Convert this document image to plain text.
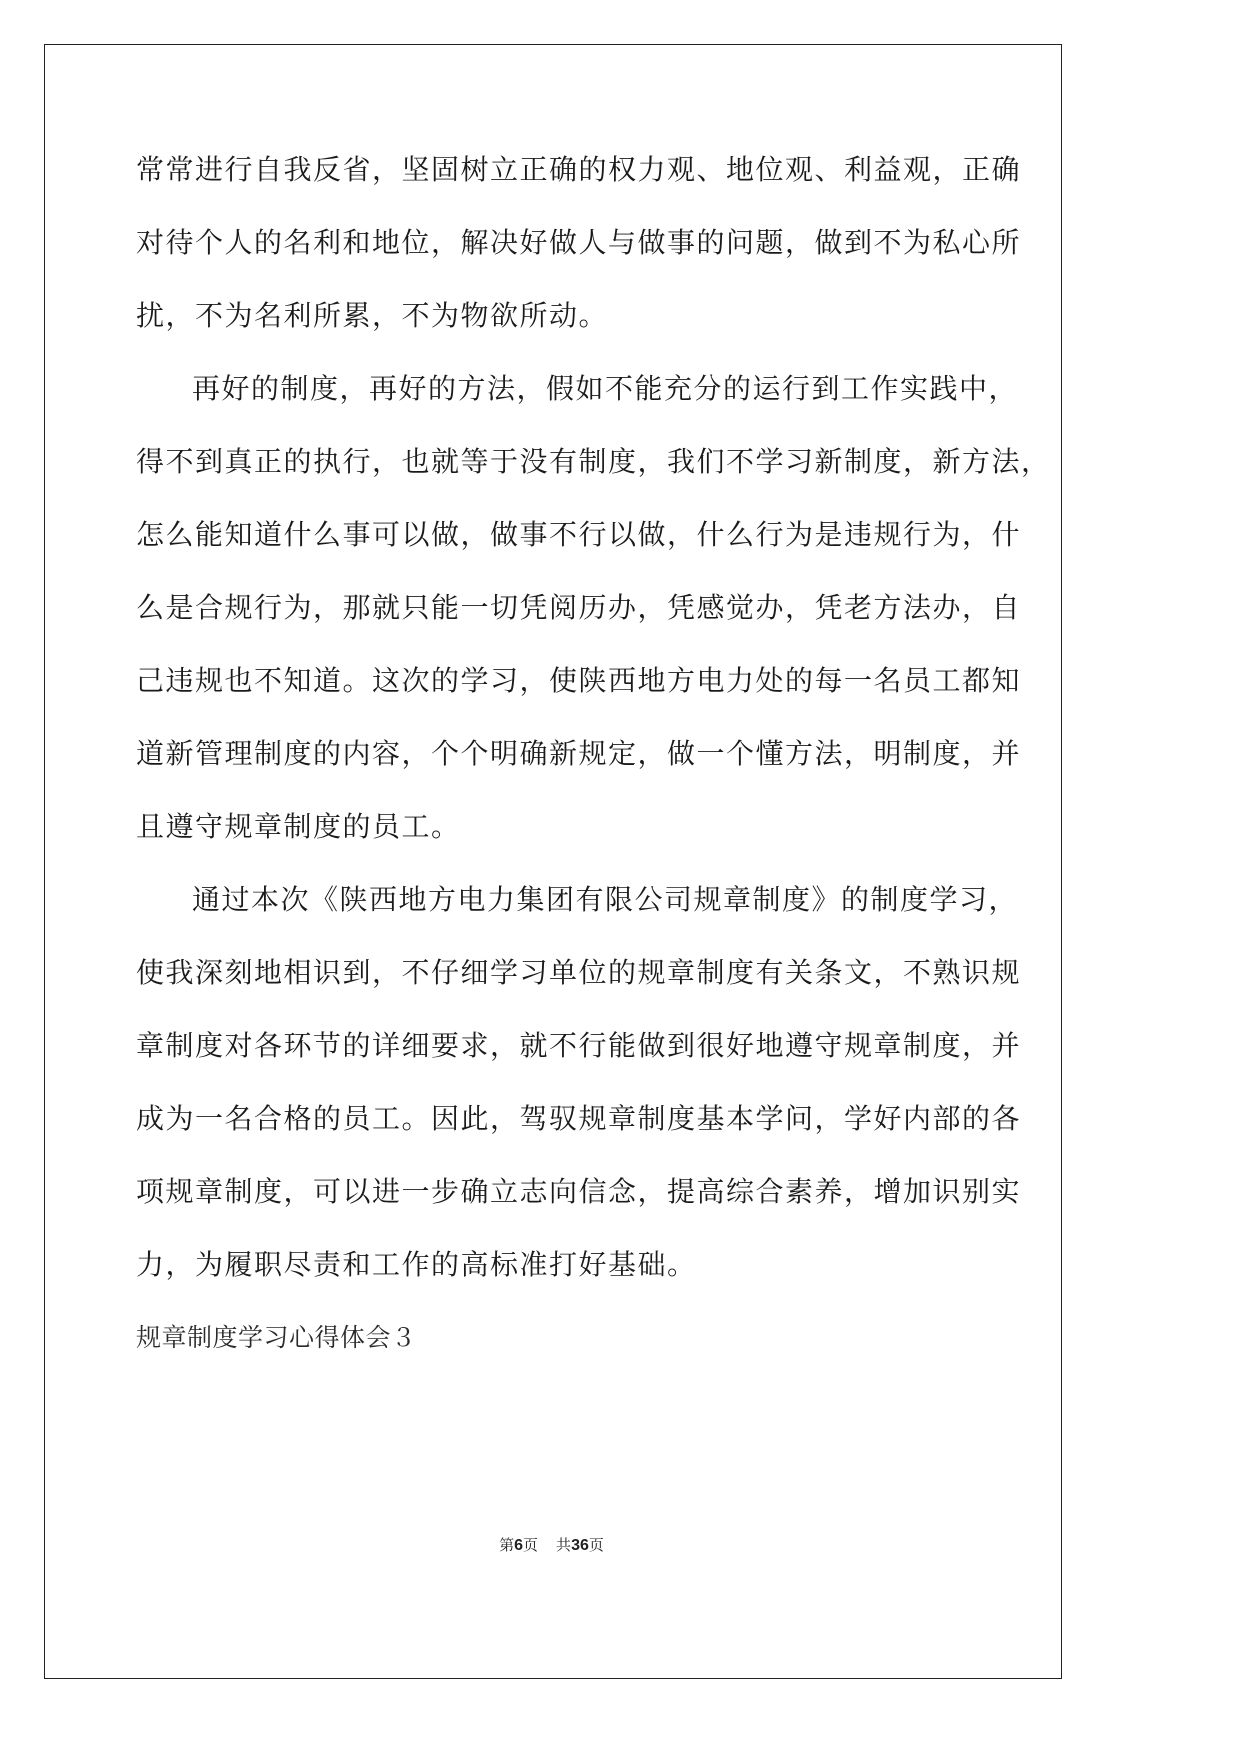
常常进行自我反省，坚固树立正确的权力观、地位观、利益观，正确
对待个人的名利和地位，解决好做人与做事的问题，做到不为私心所
扰，不为名利所累，不为物欲所动。
再好的制度，再好的方法，假如不能充分的运行到工作实践中，
得不到真正的执行，也就等于没有制度，我们不学习新制度，新方法，
怎么能知道什么事可以做，做事不行以做，什么行为是违规行为，什
么是合规行为，那就只能一切凭阅历办，凭感觉办，凭老方法办，自
己违规也不知道。这次的学习，使陕西地方电力处的每一名员工都知
道新管理制度的内容，个个明确新规定，做一个懂方法，明制度，并
且遵守规章制度的员工。
通过本次《陕西地方电力集团有限公司规章制度》的制度学习，
使我深刻地相识到，不仔细学习单位的规章制度有关条文，不熟识规
章制度对各环节的详细要求，就不行能做到很好地遵守规章制度，并
成为一名合格的员工。因此，驾驭规章制度基本学问，学好内部的各
项规章制度，可以进一步确立志向信念，提高综合素养，增加识别实
力，为履职尽责和工作的高标准打好基础。
规章制度学习心得体会３
第6页 共36页
